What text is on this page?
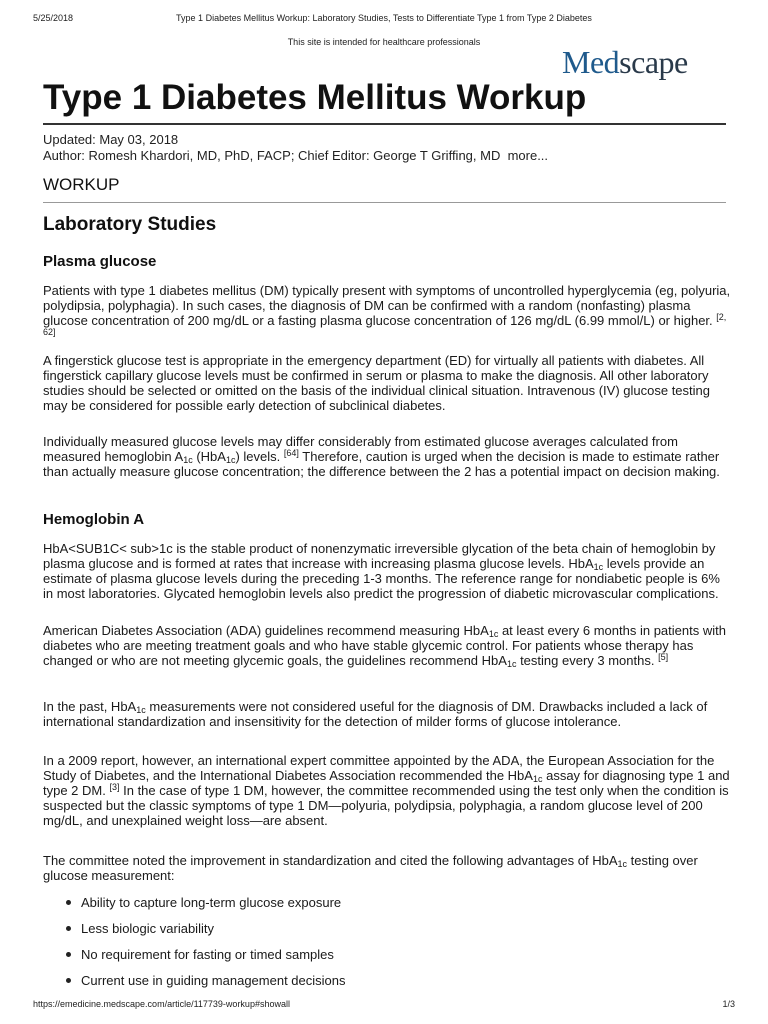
5/25/2018	Type 1 Diabetes Mellitus Workup: Laboratory Studies, Tests to Differentiate Type 1 from Type 2 Diabetes
This site is intended for healthcare professionals
Medscape
Type 1 Diabetes Mellitus Workup
Updated: May 03, 2018
Author: Romesh Khardori, MD, PhD, FACP; Chief Editor: George T Griffing, MD more...
WORKUP
Laboratory Studies
Plasma glucose

Patients with type 1 diabetes mellitus (DM) typically present with symptoms of uncontrolled hyperglycemia (eg, polyuria, polydipsia, polyphagia). In such cases, the diagnosis of DM can be confirmed with a random (nonfasting) plasma glucose concentration of 200 mg/dL or a fasting plasma glucose concentration of 126 mg/dL (6.99 mmol/L) or higher. [2, 62]

A fingerstick glucose test is appropriate in the emergency department (ED) for virtually all patients with diabetes. All fingerstick capillary glucose levels must be confirmed in serum or plasma to make the diagnosis. All other laboratory studies should be selected or omitted on the basis of the individual clinical situation. Intravenous (IV) glucose testing may be considered for possible early detection of subclinical diabetes.

Individually measured glucose levels may differ considerably from estimated glucose averages calculated from measured hemoglobin $A_{1c}$ (HbA$_{1c}$) levels. [64] Therefore, caution is urged when the decision is made to estimate rather than actually measure glucose concentration; the difference between the 2 has a potential impact on decision making.

Hemoglobin A

HbA<SUB1C< sub>1c is the stable product of nonenzymatic irreversible glycation of the beta chain of hemoglobin by plasma glucose and is formed at rates that increase with increasing plasma glucose levels. HbA$_{1c}$ levels provide an estimate of plasma glucose levels during the preceding 1-3 months. The reference range for nondiabetic people is 6% in most laboratories. Glycated hemoglobin levels also predict the progression of diabetic microvascular complications.

American Diabetes Association (ADA) guidelines recommend measuring HbA$_{1c}$ at least every 6 months in patients with diabetes who are meeting treatment goals and who have stable glycemic control. For patients whose therapy has changed or who are not meeting glycemic goals, the guidelines recommend HbA$_{1c}$ testing every 3 months. [5]

In the past, HbA$_{1c}$ measurements were not considered useful for the diagnosis of DM. Drawbacks included a lack of international standardization and insensitivity for the detection of milder forms of glucose intolerance.

In a 2009 report, however, an international expert committee appointed by the ADA, the European Association for the Study of Diabetes, and the International Diabetes Association recommended the HbA$_{1c}$ assay for diagnosing type 1 and type 2 DM. [3] In the case of type 1 DM, however, the committee recommended using the test only when the condition is suspected but the classic symptoms of type 1 DM—polyuria, polydipsia, polyphagia, a random glucose level of 200 mg/dL, and unexplained weight loss—are absent.

The committee noted the improvement in standardization and cited the following advantages of HbA$_{1c}$ testing over glucose measurement:

Ability to capture long-term glucose exposure
Less biologic variability
No requirement for fasting or timed samples
Current use in guiding management decisions
https://emedicine.medscape.com/article/117739-workup#showall	1/3
